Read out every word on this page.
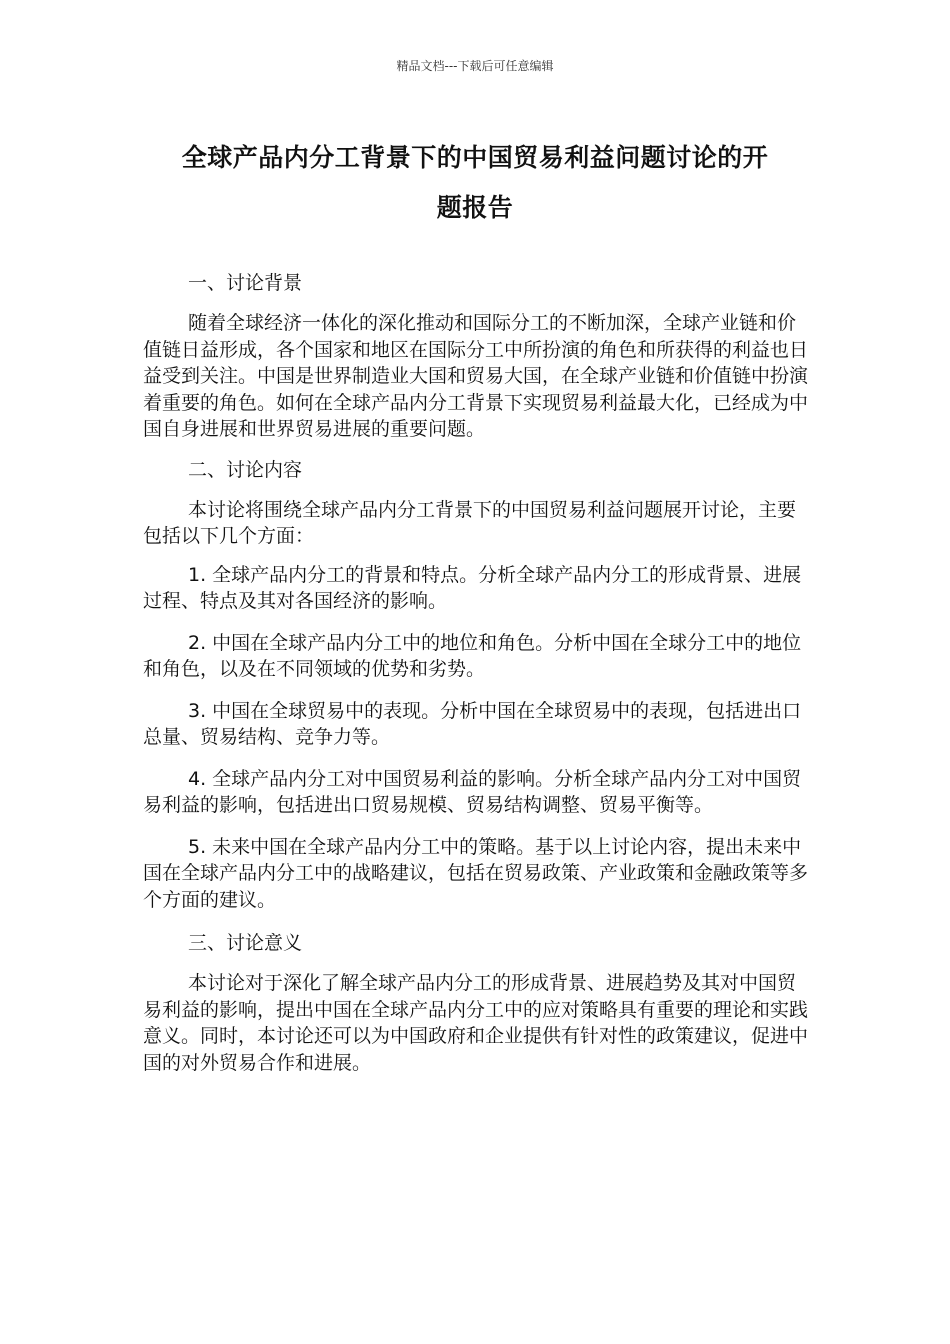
精品文档---下载后可任意编辑
全球产品内分工背景下的中国贸易利益问题讨论的开
题报告
一、讨论背景
随着全球经济一体化的深化推动和国际分工的不断加深，全球产业链和价值链日益形成，各个国家和地区在国际分工中所扮演的角色和所获得的利益也日益受到关注。中国是世界制造业大国和贸易大国，在全球产业链和价值链中扮演着重要的角色。如何在全球产品内分工背景下实现贸易利益最大化，已经成为中国自身进展和世界贸易进展的重要问题。
二、讨论内容
本讨论将围绕全球产品内分工背景下的中国贸易利益问题展开讨论，主要包括以下几个方面：
1. 全球产品内分工的背景和特点。分析全球产品内分工的形成背景、进展过程、特点及其对各国经济的影响。
2. 中国在全球产品内分工中的地位和角色。分析中国在全球分工中的地位和角色，以及在不同领域的优势和劣势。
3. 中国在全球贸易中的表现。分析中国在全球贸易中的表现，包括进出口总量、贸易结构、竞争力等。
4. 全球产品内分工对中国贸易利益的影响。分析全球产品内分工对中国贸易利益的影响，包括进出口贸易规模、贸易结构调整、贸易平衡等。
5. 未来中国在全球产品内分工中的策略。基于以上讨论内容，提出未来中国在全球产品内分工中的战略建议，包括在贸易政策、产业政策和金融政策等多个方面的建议。
三、讨论意义
本讨论对于深化了解全球产品内分工的形成背景、进展趋势及其对中国贸易利益的影响，提出中国在全球产品内分工中的应对策略具有重要的理论和实践意义。同时，本讨论还可以为中国政府和企业提供有针对性的政策建议，促进中国的对外贸易合作和进展。
